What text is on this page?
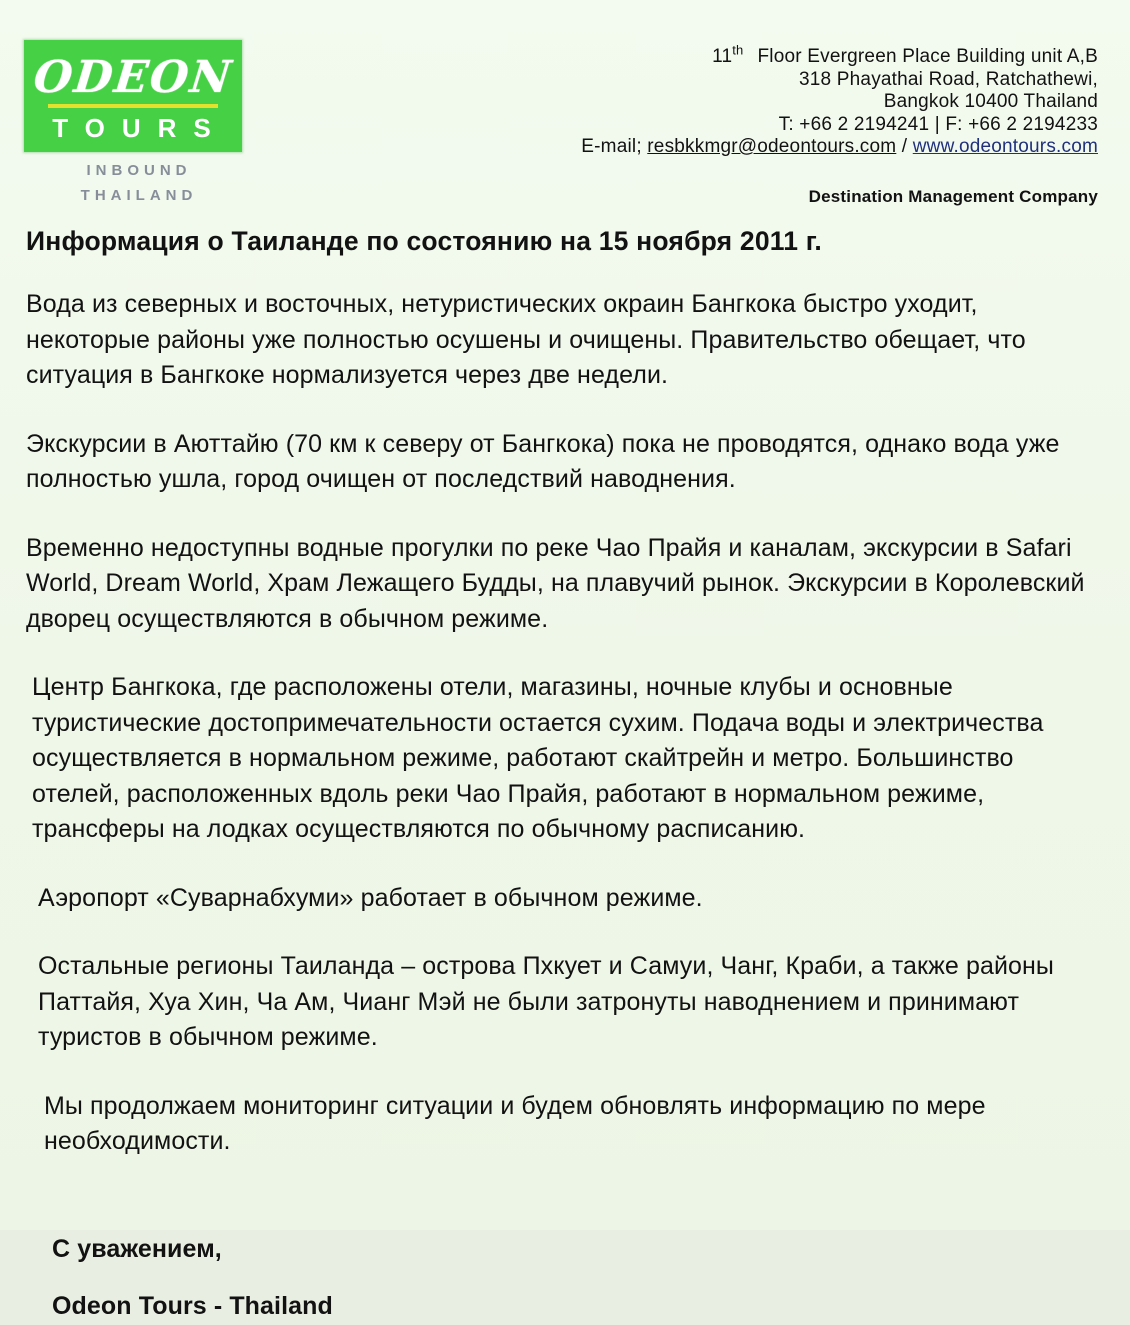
ODEON
TOURS
INBOUND
THAILAND
11th Floor Evergreen Place Building unit A,B
318 Phayathai Road, Ratchathewi,
Bangkok 10400 Thailand
T: +66 2 2194241 | F: +66 2 2194233
E-mail; resbkkmgr@odeontours.com / www.odeontours.com
Destination Management Company
Информация о Таиланде по состоянию на 15 ноября 2011 г.

Вода из северных и восточных, нетуристических окраин Бангкока быстро уходит, некоторые районы уже полностью осушены и очищены. Правительство обещает, что ситуация в Бангкоке нормализуется через две недели.

Экскурсии в Аюттайю (70 км к северу от Бангкока) пока не проводятся, однако вода уже полностью ушла, город очищен от последствий наводнения.

Временно недоступны водные прогулки по реке Чао Прайя и каналам, экскурсии в Safari World, Dream World, Храм Лежащего Будды, на плавучий рынок. Экскурсии в Королевский дворец осуществляются в обычном режиме.

Центр Бангкока, где расположены отели, магазины, ночные клубы и основные туристические достопримечательности остается сухим. Подача воды и электричества осуществляется в нормальном режиме, работают скайтрейн и метро. Большинство отелей, расположенных вдоль реки Чао Прайя, работают в нормальном режиме, трансферы на лодках осуществляются по обычному расписанию.

Аэропорт «Суварнабхуми» работает в обычном режиме.

Остальные регионы Таиланда – острова Пхкует и Самуи, Чанг, Краби, а также районы Паттайя, Хуа Хин, Ча Ам, Чианг Мэй не были затронуты наводнением и принимают туристов в обычном режиме.

Мы продолжаем мониторинг ситуации и будем обновлять информацию по мере необходимости.

С уважением,

Odeon Tours - Thailand
